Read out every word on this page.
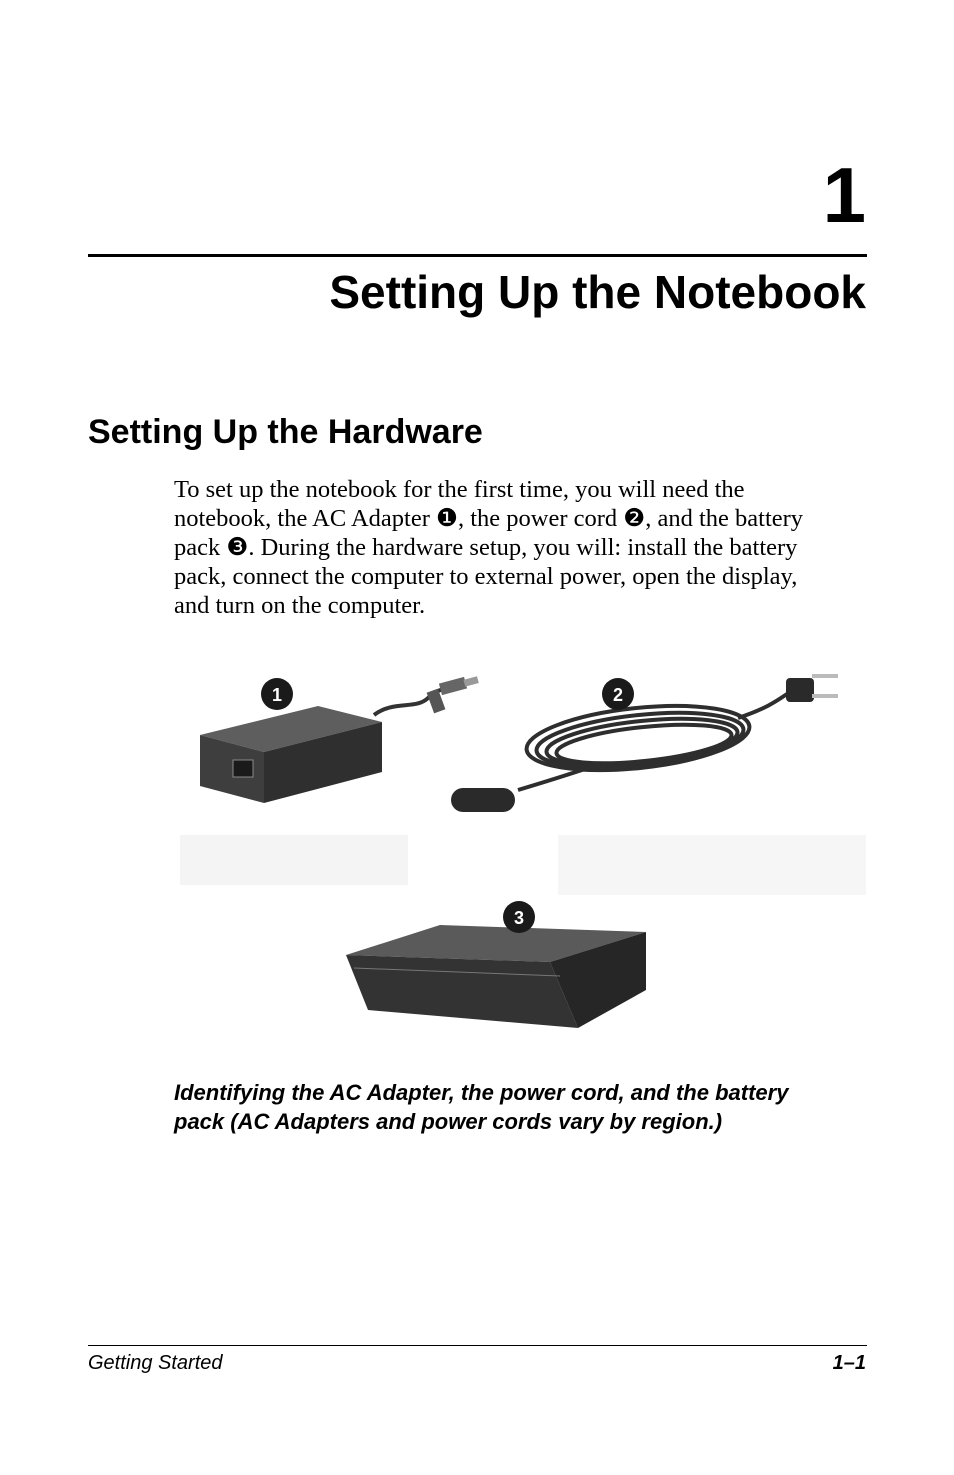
1
Setting Up the Notebook
Setting Up the Hardware

To set up the notebook for the first time, you will need the
notebook, the AC Adapter ❶, the power cord ❷, and the battery
pack ❸. During the hardware setup, you will: install the battery
pack, connect the computer to external power, open the display,
and turn on the computer.

1	2
3

Identifying the AC Adapter, the power cord, and the battery
pack (AC Adapters and power cords vary by region.)

Getting Started	1–1
